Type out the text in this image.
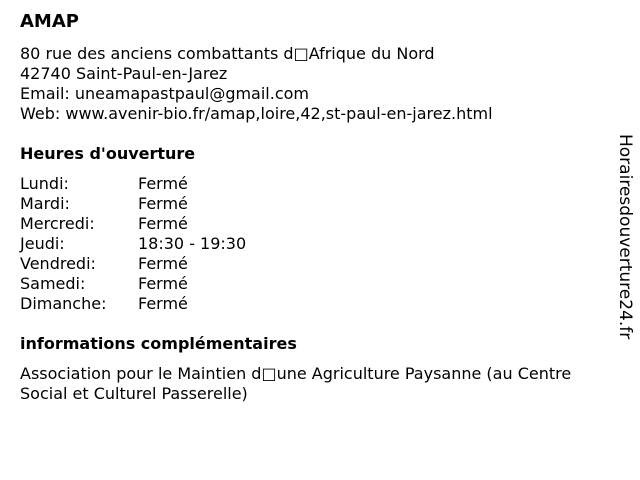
AMAP
80 rue des anciens combattants d□Afrique du Nord
42740 Saint-Paul-en-Jarez
Email: uneamapastpaul@gmail.com
Web: www.avenir-bio.fr/amap,loire,42,st-paul-en-jarez.html
Heures d'ouverture
Lundi:	Fermé
Mardi:	Fermé
Mercredi:	Fermé
Jeudi:	18:30 - 19:30
Vendredi:	Fermé
Samedi:	Fermé
Dimanche:	Fermé
informations complémentaires
Association pour le Maintien d□une Agriculture Paysanne (au Centre Social et Culturel Passerelle)
Horairesdouverture24.fr
